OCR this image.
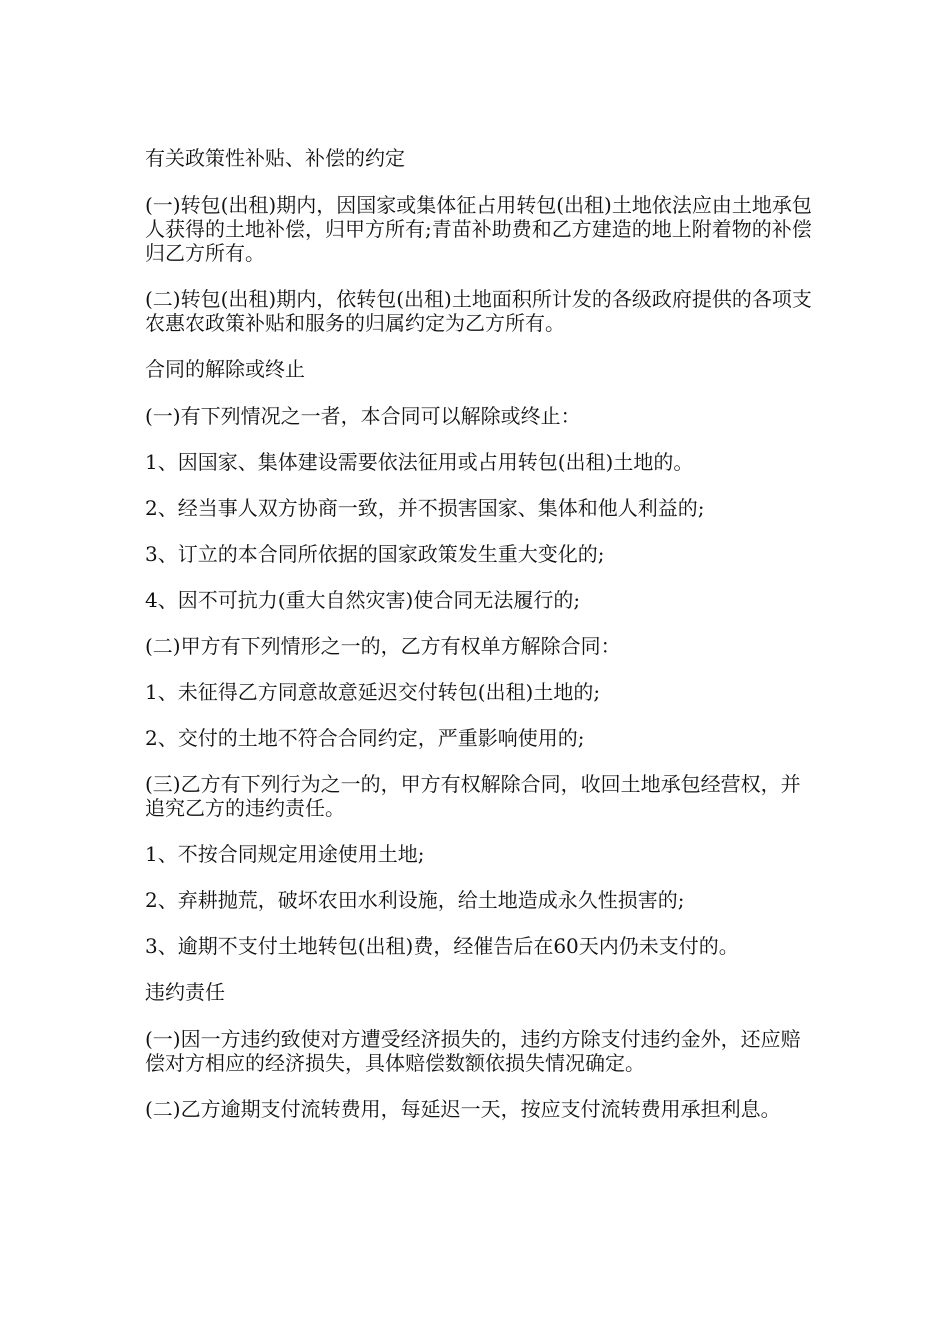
有关政策性补贴、补偿的约定

(一)转包(出租)期内，因国家或集体征占用转包(出租)土地依法应由土地承包人获得的土地补偿，归甲方所有;青苗补助费和乙方建造的地上附着物的补偿归乙方所有。

(二)转包(出租)期内，依转包(出租)土地面积所计发的各级政府提供的各项支农惠农政策补贴和服务的归属约定为乙方所有。

合同的解除或终止

(一)有下列情况之一者，本合同可以解除或终止：

1、因国家、集体建设需要依法征用或占用转包(出租)土地的。

2、经当事人双方协商一致，并不损害国家、集体和他人利益的;

3、订立的本合同所依据的国家政策发生重大变化的;

4、因不可抗力(重大自然灾害)使合同无法履行的;

(二)甲方有下列情形之一的，乙方有权单方解除合同：

1、未征得乙方同意故意延迟交付转包(出租)土地的;

2、交付的土地不符合合同约定，严重影响使用的;

(三)乙方有下列行为之一的，甲方有权解除合同，收回土地承包经营权，并追究乙方的违约责任。

1、不按合同规定用途使用土地;

2、弃耕抛荒，破坏农田水利设施，给土地造成永久性损害的;

3、逾期不支付土地转包(出租)费，经催告后在60天内仍未支付的。

违约责任

(一)因一方违约致使对方遭受经济损失的，违约方除支付违约金外，还应赔偿对方相应的经济损失，具体赔偿数额依损失情况确定。

(二)乙方逾期支付流转费用，每延迟一天，按应支付流转费用承担利息。
